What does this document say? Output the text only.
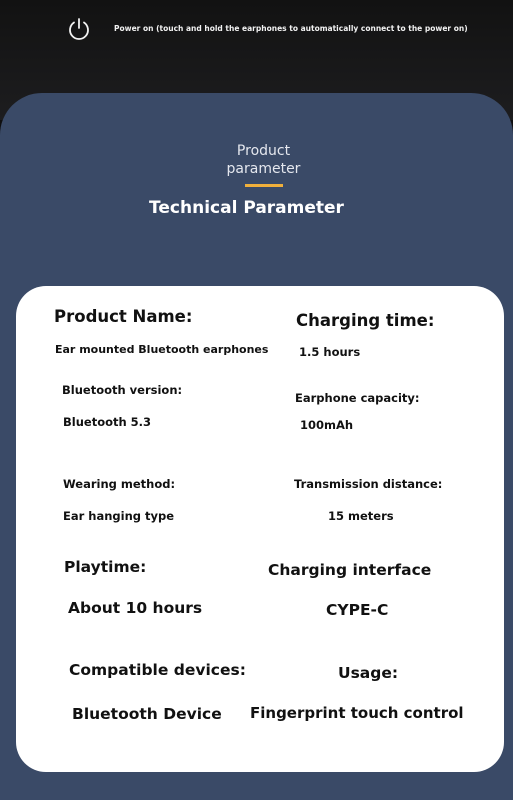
Power on (touch and hold the earphones to automatically connect to the power on)
Product
parameter
Technical Parameter
Product Name:
Ear mounted Bluetooth earphones
Charging time:
1.5 hours
Bluetooth version:
Bluetooth 5.3
Earphone capacity:
100mAh
Wearing method:
Ear hanging type
Transmission distance:
15 meters
Playtime:
About 10 hours
Charging interface
CYPE-C
Compatible devices:
Bluetooth Device
Usage:
Fingerprint touch control
